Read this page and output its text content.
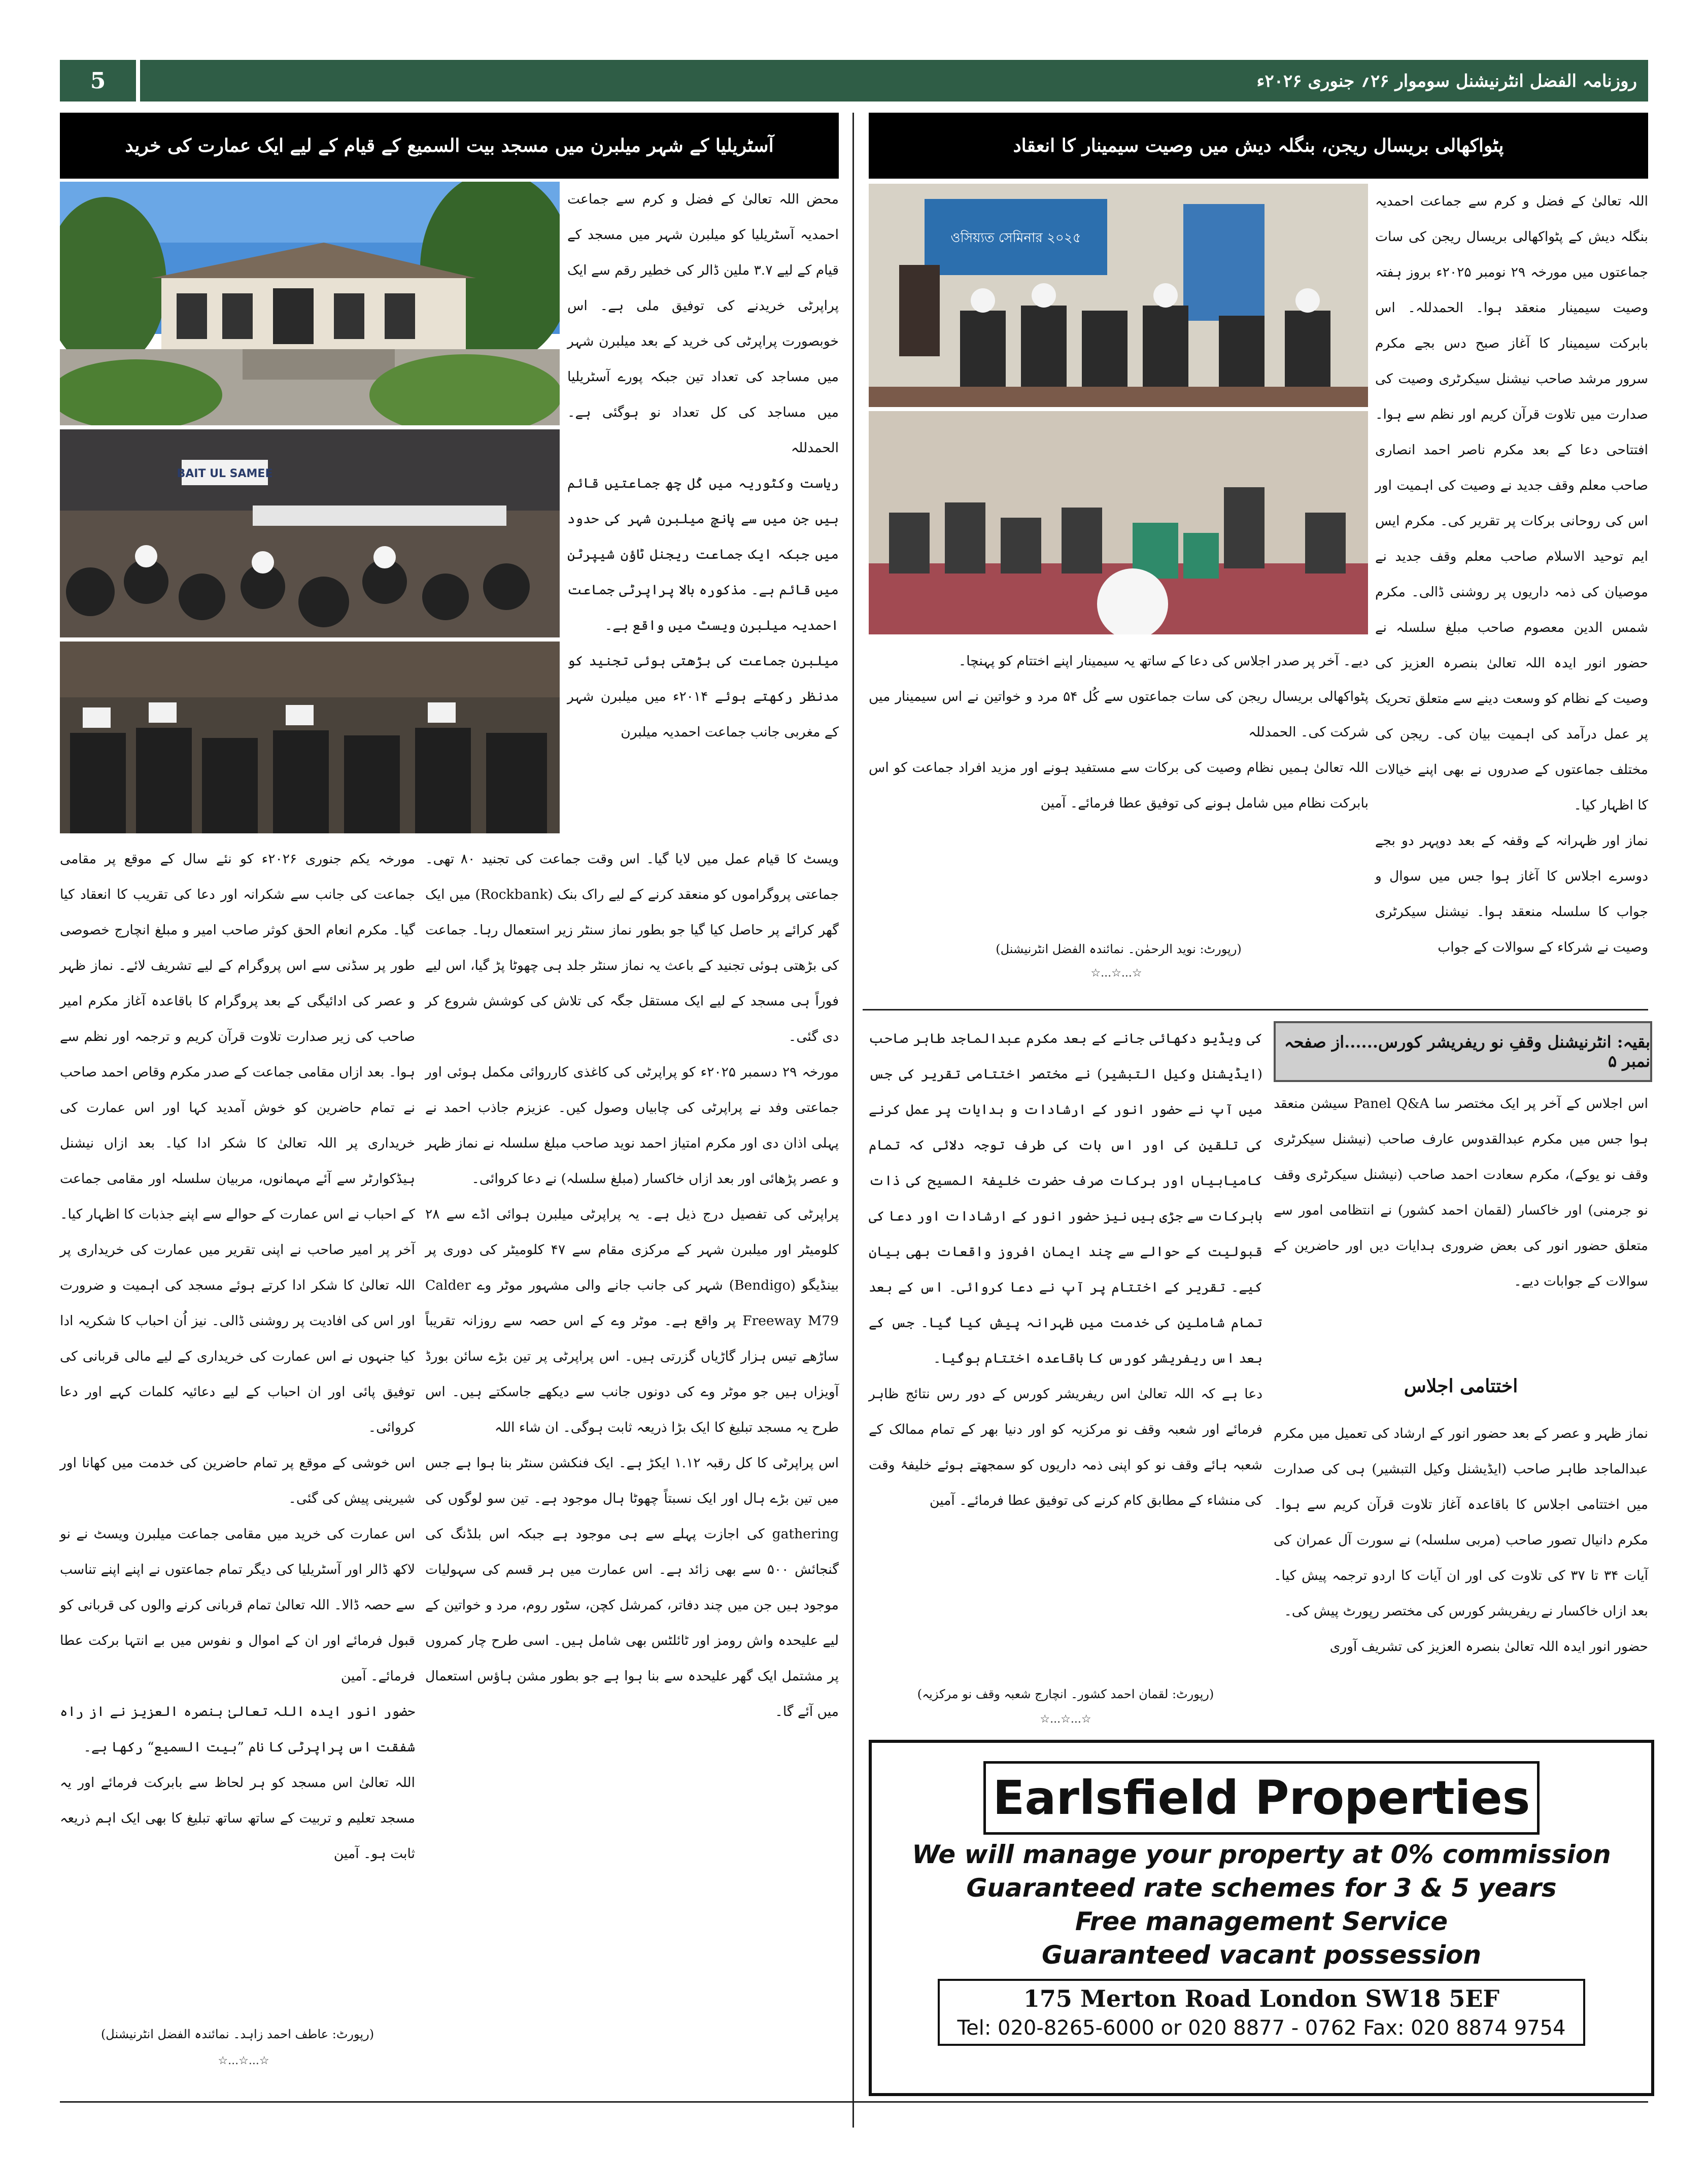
5	روزنامہ الفضل انٹرنیشنل سوموار ۲۶؍ جنوری ۲۰۲۶ء
آسٹریلیا کے شہر میلبرن میں مسجد بیت السمیع کے قیام کے لیے ایک عمارت کی خرید
BAIT UL SAMEE
محض اللہ تعالیٰ کے فضل و کرم سے جماعت احمدیہ آسٹریلیا کو میلبرن شہر میں مسجد کے قیام کے لیے ۳.۷ ملین ڈالر کی خطیر رقم سے ایک پراپرٹی خریدنے کی توفیق ملی ہے۔ اس خوبصورت پراپرٹی کی خرید کے بعد میلبرن شہر میں مساجد کی تعداد تین جبکہ پورے آسٹریلیا میں مساجد کی کل تعداد نو ہوگئی ہے۔ الحمدللہ
ریاست وکٹوریہ میں کُل چھ جماعتیں قائم ہیں جن میں سے پانچ میلبرن شہر کی حدود میں جبکہ ایک جماعت ریجنل ٹاؤن شیپرٹن میں قائم ہے۔ مذکورہ بالا پراپرٹی جماعت احمدیہ میلبرن ویسٹ میں واقع ہے۔
میلبرن جماعت کی بڑھتی ہوئی تجنید کو مدنظر رکھتے ہوئے ۲۰۱۴ء میں میلبرن شہر کے مغربی جانب جماعت احمدیہ میلبرن
ویسٹ کا قیام عمل میں لایا گیا۔ اس وقت جماعت کی تجنید ۸۰ تھی۔ جماعتی پروگراموں کو منعقد کرنے کے لیے راک بنک (Rockbank) میں ایک گھر کرائے پر حاصل کیا گیا جو بطور نماز سنٹر زیر استعمال رہا۔ جماعت کی بڑھتی ہوئی تجنید کے باعث یہ نماز سنٹر جلد ہی چھوٹا پڑ گیا، اس لیے فوراً ہی مسجد کے لیے ایک مستقل جگہ کی تلاش کی کوشش شروع کر دی گئی۔
مورخہ ۲۹ دسمبر ۲۰۲۵ء کو پراپرٹی کی کاغذی کارروائی مکمل ہوئی اور جماعتی وفد نے پراپرٹی کی چابیاں وصول کیں۔ عزیزم جاذب احمد نے پہلی اذان دی اور مکرم امتیاز احمد نوید صاحب مبلغ سلسلہ نے نماز ظہر و عصر پڑھائی اور بعد ازاں خاکسار (مبلغ سلسلہ) نے دعا کروائی۔
پراپرٹی کی تفصیل درج ذیل ہے۔ یہ پراپرٹی میلبرن ہوائی اڈے سے ۲۸ کلومیٹر اور میلبرن شہر کے مرکزی مقام سے ۴۷ کلومیٹر کی دوری پر بینڈیگو (Bendigo) شہر کی جانب جانے والی مشہور موٹر وے Calder Freeway M79 پر واقع ہے۔ موٹر وے کے اس حصہ سے روزانہ تقریباً ساڑھے تیس ہزار گاڑیاں گزرتی ہیں۔ اس پراپرٹی پر تین بڑے سائن بورڈ آویزاں ہیں جو موٹر وے کی دونوں جانب سے دیکھے جاسکتے ہیں۔ اس طرح یہ مسجد تبلیغ کا ایک بڑا ذریعہ ثابت ہوگی۔ ان شاء اللہ
اس پراپرٹی کا کل رقبہ ۱.۱۲ ایکڑ ہے۔ ایک فنکشن سنٹر بنا ہوا ہے جس میں تین بڑے ہال اور ایک نسبتاً چھوٹا ہال موجود ہے۔ تین سو لوگوں کی gathering کی اجازت پہلے سے ہی موجود ہے جبکہ اس بلڈنگ کی گنجائش ۵۰۰ سے بھی زائد ہے۔ اس عمارت میں ہر قسم کی سہولیات موجود ہیں جن میں چند دفاتر، کمرشل کچن، سٹور روم، مرد و خواتین کے لیے علیحدہ واش رومز اور ٹائلٹس بھی شامل ہیں۔ اسی طرح چار کمروں پر مشتمل ایک گھر علیحدہ سے بنا ہوا ہے جو بطور مشن ہاؤس استعمال میں آئے گا۔
مورخہ یکم جنوری ۲۰۲۶ء کو نئے سال کے موقع پر مقامی جماعت کی جانب سے شکرانہ اور دعا کی تقریب کا انعقاد کیا گیا۔ مکرم انعام الحق کوثر صاحب امیر و مبلغ انچارج خصوصی طور پر سڈنی سے اس پروگرام کے لیے تشریف لائے۔ نماز ظہر و عصر کی ادائیگی کے بعد پروگرام کا باقاعدہ آغاز مکرم امیر صاحب کی زیر صدارت تلاوت قرآن کریم و ترجمہ اور نظم سے ہوا۔ بعد ازاں مقامی جماعت کے صدر مکرم وقاص احمد صاحب نے تمام حاضرین کو خوش آمدید کہا اور اس عمارت کی خریداری پر اللہ تعالیٰ کا شکر ادا کیا۔ بعد ازاں نیشنل ہیڈکوارٹر سے آئے مہمانوں، مربیان سلسلہ اور مقامی جماعت کے احباب نے اس عمارت کے حوالے سے اپنے جذبات کا اظہار کیا۔ آخر پر امیر صاحب نے اپنی تقریر میں عمارت کی خریداری پر اللہ تعالیٰ کا شکر ادا کرتے ہوئے مسجد کی اہمیت و ضرورت اور اس کی افادیت پر روشنی ڈالی۔ نیز اُن احباب کا شکریہ ادا کیا جنہوں نے اس عمارت کی خریداری کے لیے مالی قربانی کی توفیق پائی اور ان احباب کے لیے دعائیہ کلمات کہے اور دعا کروائی۔
اس خوشی کے موقع پر تمام حاضرین کی خدمت میں کھانا اور شیرینی پیش کی گئی۔
اس عمارت کی خرید میں مقامی جماعت میلبرن ویسٹ نے نو لاکھ ڈالر اور آسٹریلیا کی دیگر تمام جماعتوں نے اپنے اپنے تناسب سے حصہ ڈالا۔ اللہ تعالیٰ تمام قربانی کرنے والوں کی قربانی کو قبول فرمائے اور ان کے اموال و نفوس میں بے انتہا برکت عطا فرمائے۔ آمین
حضور انور ایدہ اللہ تعالیٰ بنصرہ العزیز نے از راہ شفقت اس پراپرٹی کا نام ”بیت السمیع“ رکھا ہے۔
اللہ تعالیٰ اس مسجد کو ہر لحاظ سے بابرکت فرمائے اور یہ مسجد تعلیم و تربیت کے ساتھ ساتھ تبلیغ کا بھی ایک اہم ذریعہ ثابت ہو۔ آمین
(رپورٹ: عاطف احمد زاہد۔ نمائندہ الفضل انٹرنیشنل)
☆...☆...☆
پٹواکھالی بریسال ریجن، بنگلہ دیش میں وصیت سیمینار کا انعقاد
ওসিয়্যত সেমিনার ২০২৫
اللہ تعالیٰ کے فضل و کرم سے جماعت احمدیہ بنگلہ دیش کے پٹواکھالی بریسال ریجن کی سات جماعتوں میں مورخہ ۲۹ نومبر ۲۰۲۵ء بروز ہفتہ وصیت سیمینار منعقد ہوا۔ الحمدللہ۔ اس بابرکت سیمینار کا آغاز صبح دس بجے مکرم سرور مرشد صاحب نیشنل سیکرٹری وصیت کی صدارت میں تلاوت قرآن کریم اور نظم سے ہوا۔ افتتاحی دعا کے بعد مکرم ناصر احمد انصاری صاحب معلم وقف جدید نے وصیت کی اہمیت اور اس کی روحانی برکات پر تقریر کی۔ مکرم ایس ایم توحید الاسلام صاحب معلم وقف جدید نے موصیان کی ذمہ داریوں پر روشنی ڈالی۔ مکرم شمس الدین معصوم صاحب مبلغ سلسلہ نے حضور انور ایدہ اللہ تعالیٰ بنصرہ العزیز کی وصیت کے نظام کو وسعت دینے سے متعلق تحریک پر عمل درآمد کی اہمیت بیان کی۔ ریجن کی مختلف جماعتوں کے صدروں نے بھی اپنے خیالات کا اظہار کیا۔
نماز اور ظہرانہ کے وقفہ کے بعد دوپہر دو بجے دوسرے اجلاس کا آغاز ہوا جس میں سوال و جواب کا سلسلہ منعقد ہوا۔ نیشنل سیکرٹری وصیت نے شرکاء کے سوالات کے جواب
دیے۔ آخر پر صدر اجلاس کی دعا کے ساتھ یہ سیمینار اپنے اختتام کو پہنچا۔
پٹواکھالی بریسال ریجن کی سات جماعتوں سے کُل ۵۴ مرد و خواتین نے اس سیمینار میں شرکت کی۔ الحمدللہ
اللہ تعالیٰ ہمیں نظام وصیت کی برکات سے مستفید ہونے اور مزید افراد جماعت کو اس بابرکت نظام میں شامل ہونے کی توفیق عطا فرمائے۔ آمین
(رپورٹ: نوید الرحمٰن۔ نمائندہ الفضل انٹرنیشنل)
☆...☆...☆
بقیہ: انٹرنیشنل وقفِ نو ریفریشر کورس......از صفحہ نمبر ۵
اس اجلاس کے آخر پر ایک مختصر سا Panel Q&A سیشن منعقد ہوا جس میں مکرم عبدالقدوس عارف صاحب (نیشنل سیکرٹری وقف نو یوکے)، مکرم سعادت احمد صاحب (نیشنل سیکرٹری وقف نو جرمنی) اور خاکسار (لقمان احمد کشور) نے انتظامی امور سے متعلق حضور انور کی بعض ضروری ہدایات دیں اور حاضرین کے سوالات کے جوابات دیے۔
اختتامی اجلاس
نماز ظہر و عصر کے بعد حضور انور کے ارشاد کی تعمیل میں مکرم عبدالماجد طاہر صاحب (ایڈیشنل وکیل التبشیر) ہی کی صدارت میں اختتامی اجلاس کا باقاعدہ آغاز تلاوت قرآن کریم سے ہوا۔ مکرم دانیال تصور صاحب (مربی سلسلہ) نے سورت آل عمران کی آیات ۳۴ تا ۳۷ کی تلاوت کی اور ان آیات کا اردو ترجمہ پیش کیا۔ بعد ازاں خاکسار نے ریفریشر کورس کی مختصر رپورٹ پیش کی۔
حضور انور ایدہ اللہ تعالیٰ بنصرہ العزیز کی تشریف آوری
کی ویڈیو دکھائی جانے کے بعد مکرم عبدالماجد طاہر صاحب (ایڈیشنل وکیل التبشیر) نے مختصر اختتامی تقریر کی جس میں آپ نے حضور انور کے ارشادات و ہدایات پر عمل کرنے کی تلقین کی اور اس بات کی طرف توجہ دلائی کہ تمام کامیابیاں اور برکات صرف حضرت خلیفۃ المسیح کی ذات بابرکات سے جڑی ہیں نیز حضور انور کے ارشادات اور دعا کی قبولیت کے حوالے سے چند ایمان افروز واقعات بھی بیان کیے۔ تقریر کے اختتام پر آپ نے دعا کروائی۔ اس کے بعد تمام شاملین کی خدمت میں ظہرانہ پیش کیا گیا۔ جس کے بعد اس ریفریشر کورس کا باقاعدہ اختتام ہوگیا۔
دعا ہے کہ اللہ تعالیٰ اس ریفریشر کورس کے دور رس نتائج ظاہر فرمائے اور شعبہ وقف نو مرکزیہ کو اور دنیا بھر کے تمام ممالک کے شعبہ ہائے وقف نو کو اپنی ذمہ داریوں کو سمجھتے ہوئے خلیفۂ وقت کی منشاء کے مطابق کام کرنے کی توفیق عطا فرمائے۔ آمین
(رپورٹ: لقمان احمد کشور۔ انچارج شعبہ وقف نو مرکزیہ)
☆...☆...☆
Earlsfield Properties
We will manage your property at 0% commission
Guaranteed rate schemes for 3 & 5 years
Free management Service
Guaranteed vacant possession
175 Merton Road London SW18 5EF
Tel: 020-8265-6000 or 020 8877 - 0762 Fax: 020 8874 9754
